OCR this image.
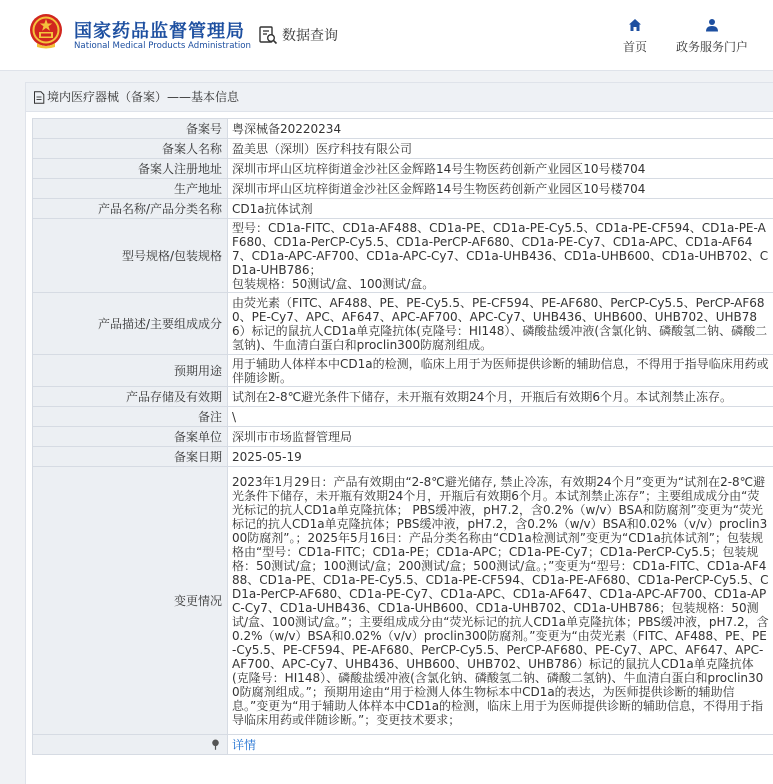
国家药品监督管理局
National Medical Products Administration
数据查询
首页	政务服务门户
境内医疗器械（备案）——基本信息
备案号	粤深械备20220234
备案人名称	盈美思（深圳）医疗科技有限公司
备案人注册地址	深圳市坪山区坑梓街道金沙社区金辉路14号生物医药创新产业园区10号楼704
生产地址	深圳市坪山区坑梓街道金沙社区金辉路14号生物医药创新产业园区10号楼704
产品名称/产品分类名称	CD1a抗体试剂
型号规格/包装规格	型号：CD1a-FITC、CD1a-AF488、CD1a-PE、CD1a-PE-Cy5.5、CD1a-PE-CF594、CD1a-PE-AF680、CD1a-PerCP-Cy5.5、CD1a-PerCP-AF680、CD1a-PE-Cy7、CD1a-APC、CD1a-AF647、CD1a-APC-AF700、CD1a-APC-Cy7、CD1a-UHB436、CD1a-UHB600、CD1a-UHB702、CD1a-UHB786；
包装规格：50测试/盒、100测试/盒。
产品描述/主要组成成分	由荧光素（FITC、AF488、PE、PE-Cy5.5、PE-CF594、PE-AF680、PerCP-Cy5.5、PerCP-AF680、PE-Cy7、APC、AF647、APC-AF700、APC-Cy7、UHB436、UHB600、UHB702、UHB786）标记的鼠抗人CD1a单克隆抗体(克隆号：HI148）、磷酸盐缓冲液(含氯化钠、磷酸氢二钠、磷酸二氢钠)、牛血清白蛋白和proclin300防腐剂组成。
预期用途	用于辅助人体样本中CD1a的检测，临床上用于为医师提供诊断的辅助信息，不得用于指导临床用药或伴随诊断。
产品存储及有效期	试剂在2-8℃避光条件下储存，未开瓶有效期24个月，开瓶后有效期6个月。本试剂禁止冻存。
备注	\
备案单位	深圳市市场监督管理局
备案日期	2025-05-19
变更情况	2023年1月29日：产品有效期由“2-8℃避光储存, 禁止冷冻，有效期24个月”变更为“试剂在2-8℃避光条件下储存，未开瓶有效期24个月，开瓶后有效期6个月。本试剂禁止冻存”；主要组成成分由“荧光标记的抗人CD1a单克隆抗体； PBS缓冲液，pH7.2，含0.2%（w/v）BSA和防腐剂”变更为“荧光标记的抗人CD1a单克隆抗体；PBS缓冲液，pH7.2，含0.2%（w/v）BSA和0.02%（v/v）proclin300防腐剂”。；2025年5月16日：产品分类名称由“CD1a检测试剂”变更为“CD1a抗体试剂”；包装规格由“型号：CD1a-FITC；CD1a-PE；CD1a-APC；CD1a-PE-Cy7；CD1a-PerCP-Cy5.5；包装规格：50测试/盒；100测试/盒；200测试/盒；500测试/盒。；”变更为“型号：CD1a-FITC、CD1a-AF488、CD1a-PE、CD1a-PE-Cy5.5、CD1a-PE-CF594、CD1a-PE-AF680、CD1a-PerCP-Cy5.5、CD1a-PerCP-AF680、CD1a-PE-Cy7、CD1a-APC、CD1a-AF647、CD1a-APC-AF700、CD1a-APC-Cy7、CD1a-UHB436、CD1a-UHB600、CD1a-UHB702、CD1a-UHB786；包装规格：50测试/盒、100测试/盒。”；主要组成成分由“荧光标记的抗人CD1a单克隆抗体；PBS缓冲液，pH7.2，含0.2%（w/v）BSA和0.02%（v/v）proclin300防腐剂。”变更为“由荧光素（FITC、AF488、PE、PE-Cy5.5、PE-CF594、PE-AF680、PerCP-Cy5.5、PerCP-AF680、PE-Cy7、APC、AF647、APC-AF700、APC-Cy7、UHB436、UHB600、UHB702、UHB786）标记的鼠抗人CD1a单克隆抗体(克隆号：HI148）、磷酸盐缓冲液(含氯化钠、磷酸氢二钠、磷酸二氢钠)、牛血清白蛋白和proclin300防腐剂组成。”；预期用途由“用于检测人体生物标本中CD1a的表达，为医师提供诊断的辅助信息。”变更为“用于辅助人体样本中CD1a的检测，临床上用于为医师提供诊断的辅助信息，不得用于指导临床用药或伴随诊断。”；变更技术要求；
	详情
